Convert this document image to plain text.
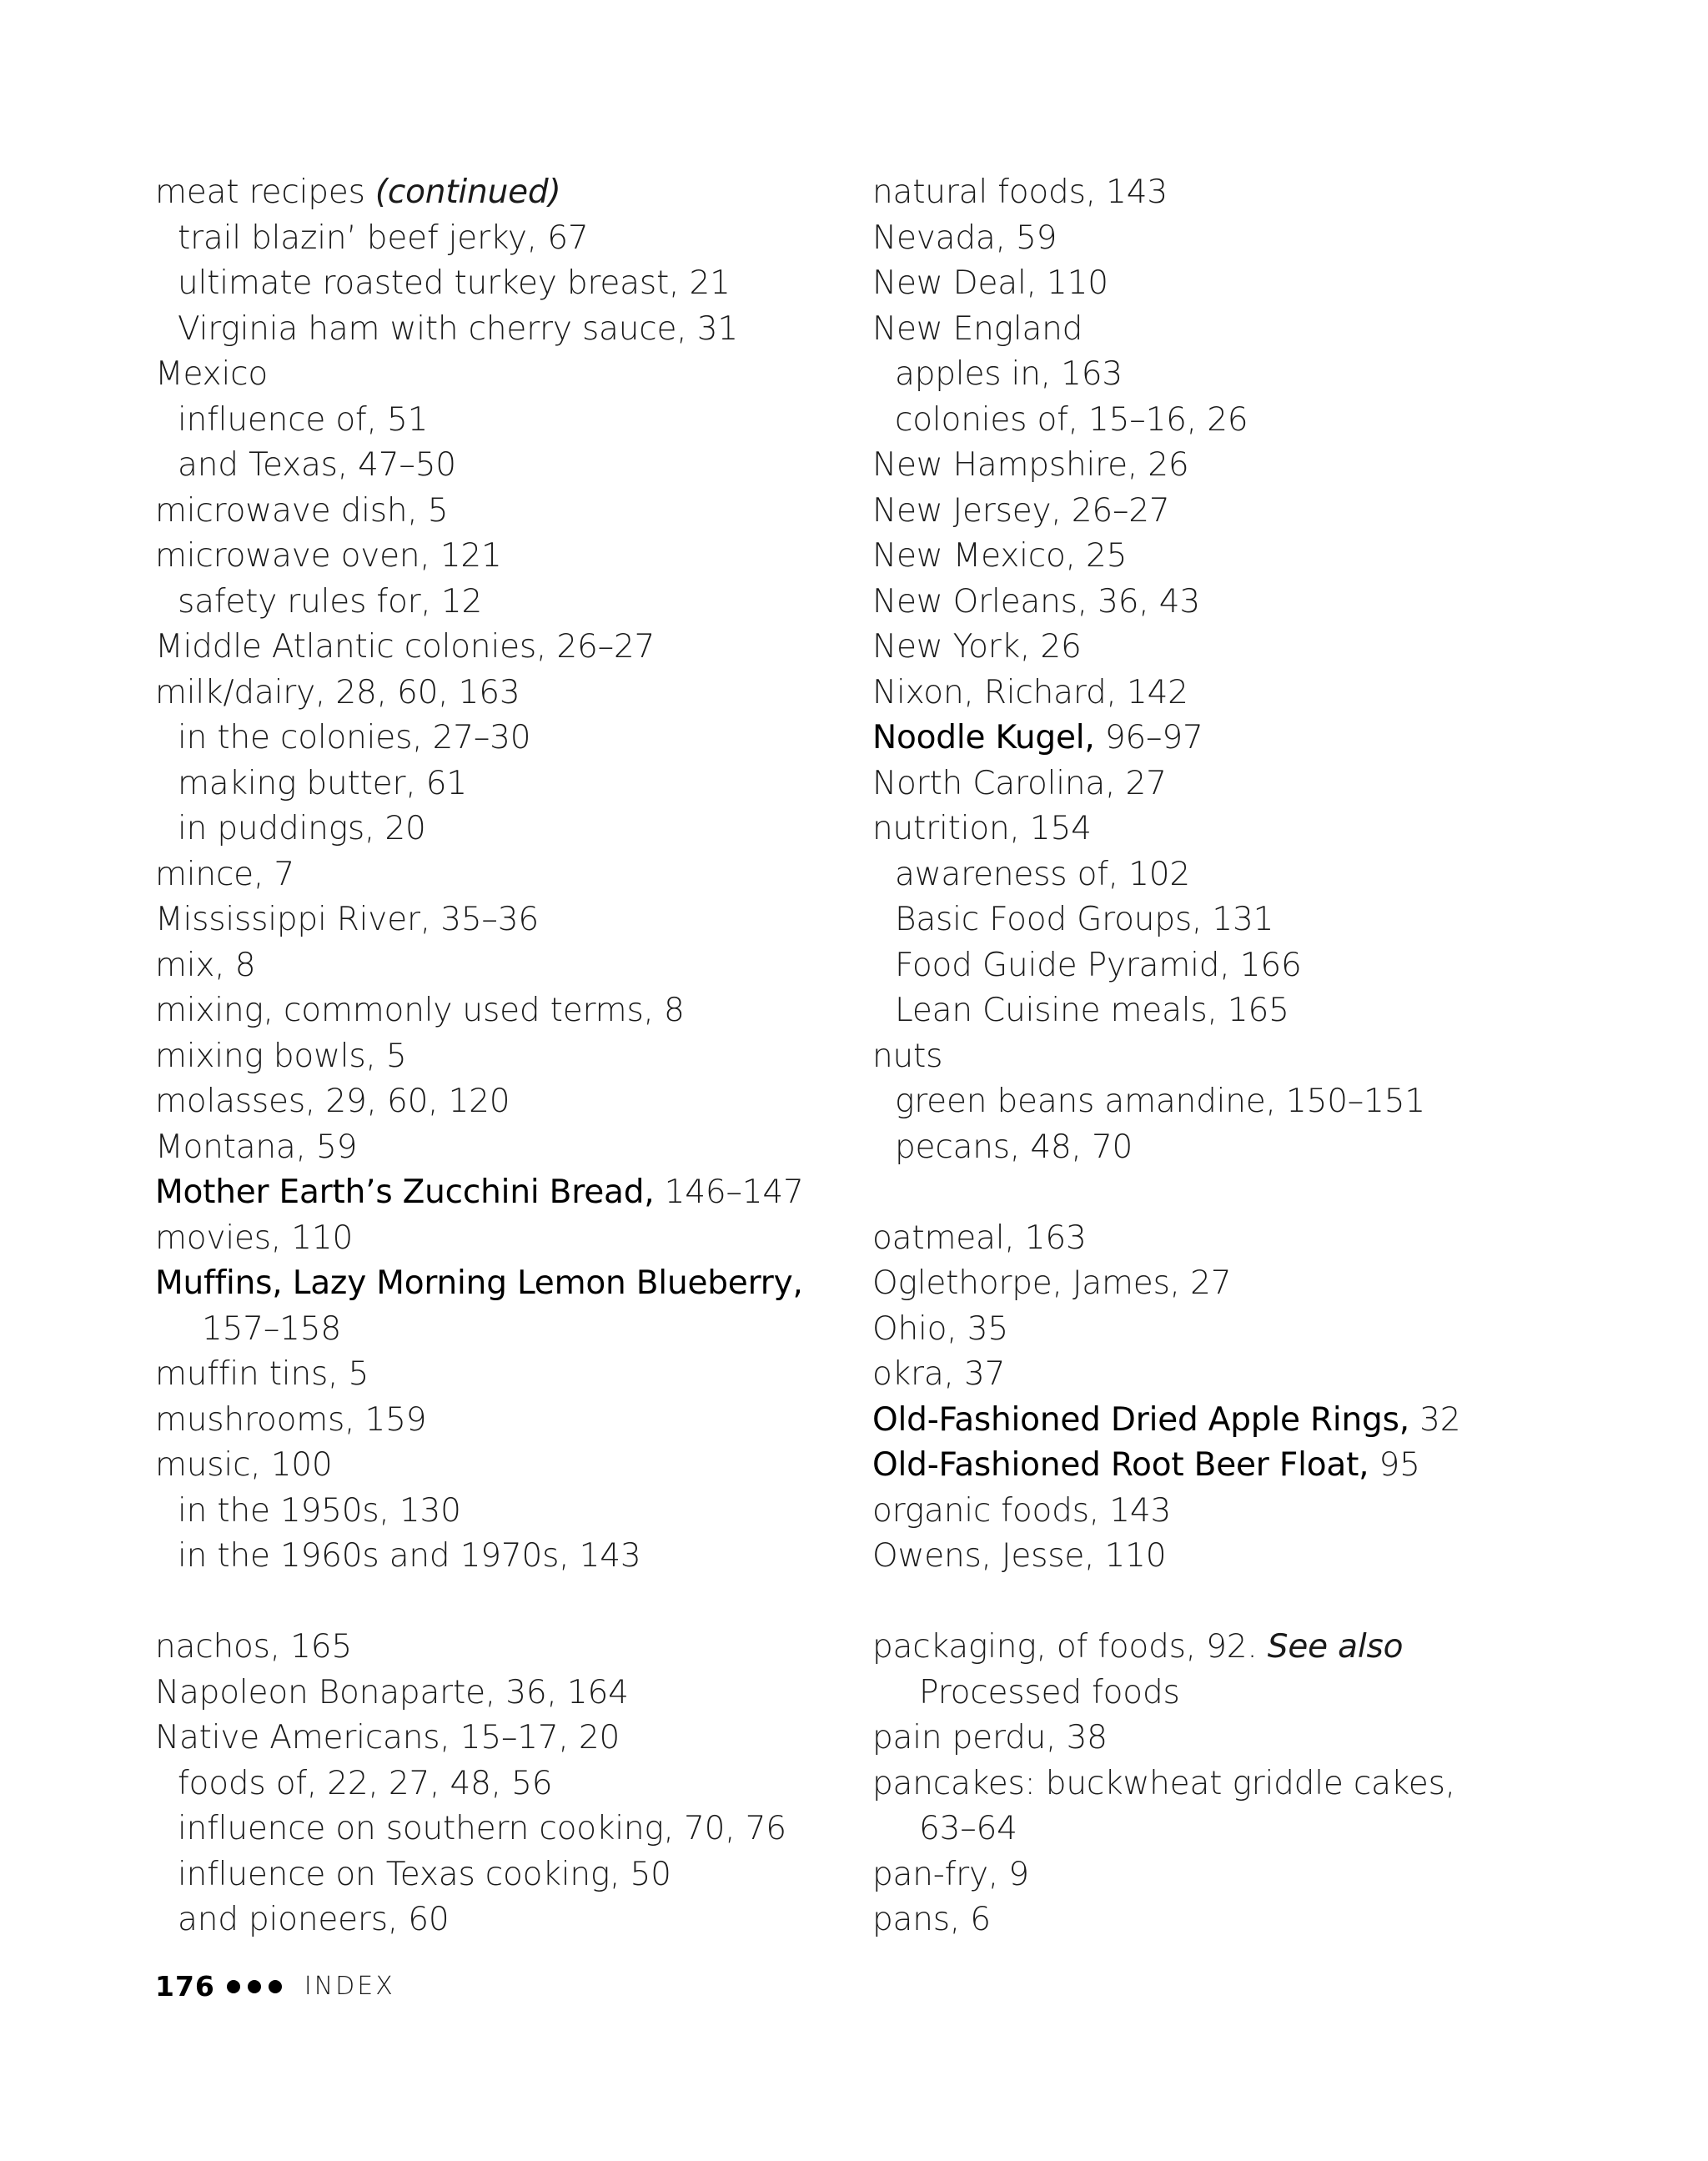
meat recipes (continued)
trail blazin’ beef jerky, 67
ultimate roasted turkey breast, 21
Virginia ham with cherry sauce, 31
Mexico
influence of, 51
and Texas, 47–50
microwave dish, 5
microwave oven, 121
safety rules for, 12
Middle Atlantic colonies, 26–27
milk/dairy, 28, 60, 163
in the colonies, 27–30
making butter, 61
in puddings, 20
mince, 7
Mississippi River, 35–36
mix, 8
mixing, commonly used terms, 8
mixing bowls, 5
molasses, 29, 60, 120
Montana, 59
Mother Earth’s Zucchini Bread, 146–147
movies, 110
Muffins, Lazy Morning Lemon Blueberry,
157–158
muffin tins, 5
mushrooms, 159
music, 100
in the 1950s, 130
in the 1960s and 1970s, 143
nachos, 165
Napoleon Bonaparte, 36, 164
Native Americans, 15–17, 20
foods of, 22, 27, 48, 56
influence on southern cooking, 70, 76
influence on Texas cooking, 50
and pioneers, 60
natural foods, 143
Nevada, 59
New Deal, 110
New England
apples in, 163
colonies of, 15–16, 26
New Hampshire, 26
New Jersey, 26–27
New Mexico, 25
New Orleans, 36, 43
New York, 26
Nixon, Richard, 142
Noodle Kugel, 96–97
North Carolina, 27
nutrition, 154
awareness of, 102
Basic Food Groups, 131
Food Guide Pyramid, 166
Lean Cuisine meals, 165
nuts
green beans amandine, 150–151
pecans, 48, 70
oatmeal, 163
Oglethorpe, James, 27
Ohio, 35
okra, 37
Old-Fashioned Dried Apple Rings, 32
Old-Fashioned Root Beer Float, 95
organic foods, 143
Owens, Jesse, 110
packaging, of foods, 92. See also
Processed foods
pain perdu, 38
pancakes: buckwheat griddle cakes,
63–64
pan-fry, 9
pans, 6
176	INDEX
